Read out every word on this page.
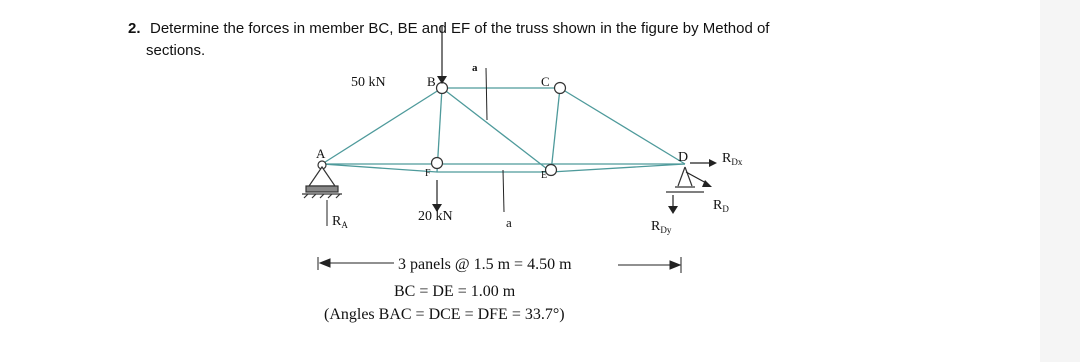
2. Determine the forces in member BC, BE and EF of the truss shown in the figure by Method of
sections.
a
a
A
B	C
D
F	E
50 kN
20 kN
$R_A$
$R_{Dx}$
$R_D$
$R_{Dy}$
3 panels @ 1.5 m = 4.50 m
BC = DE = 1.00 m
(Angles BAC = DCE = DFE = 33.7°)
